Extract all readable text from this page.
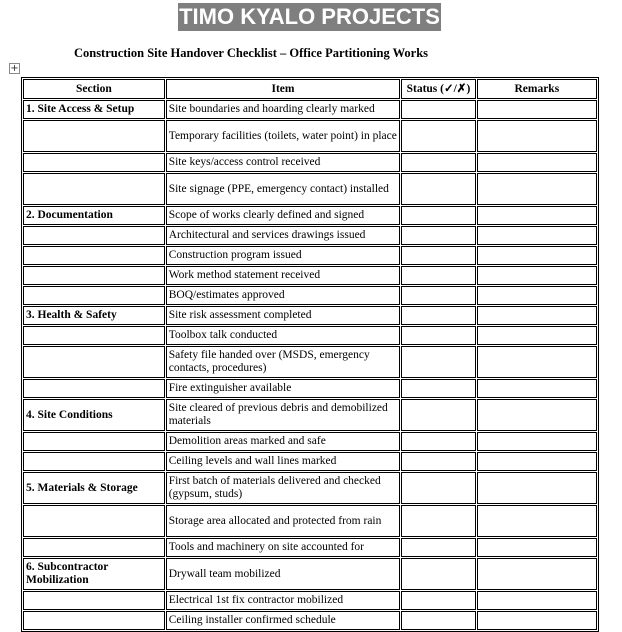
TIMO KYALO PROJECTS
Construction Site Handover Checklist – Office Partitioning Works
+
Section	Item	Status (✓/✗)	Remarks
1. Site Access & Setup	Site boundaries and hoarding clearly marked		
	Temporary facilities (toilets, water point) in place		
	Site keys/access control received		
	Site signage (PPE, emergency contact) installed		
2. Documentation	Scope of works clearly defined and signed		
	Architectural and services drawings issued		
	Construction program issued		
	Work method statement received		
	BOQ/estimates approved		
3. Health & Safety	Site risk assessment completed		
	Toolbox talk conducted		
	Safety file handed over (MSDS, emergency contacts, procedures)		
	Fire extinguisher available		
4. Site Conditions	Site cleared of previous debris and demobilized materials		
	Demolition areas marked and safe		
	Ceiling levels and wall lines marked		
5. Materials & Storage	First batch of materials delivered and checked (gypsum, studs)		
	Storage area allocated and protected from rain		
	Tools and machinery on site accounted for		
6. Subcontractor Mobilization	Drywall team mobilized		
	Electrical 1st fix contractor mobilized		
	Ceiling installer confirmed schedule		
